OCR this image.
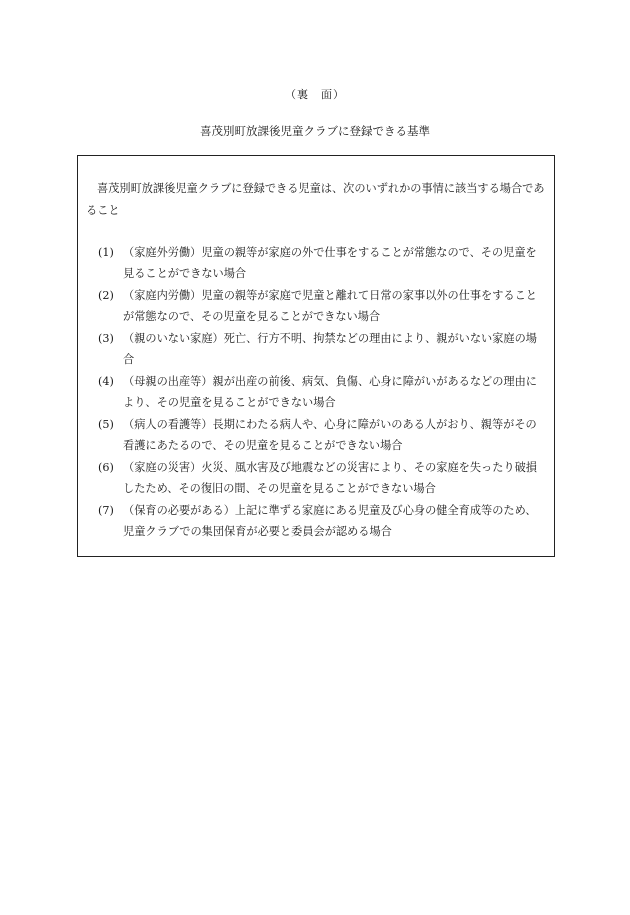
（裏　面）
喜茂別町放課後児童クラブに登録できる基準

喜茂別町放課後児童クラブに登録できる児童は、次のいずれかの事情に該当する場合であること

(1) （家庭外労働）児童の親等が家庭の外で仕事をすることが常態なので、その児童を
見ることができない場合
(2) （家庭内労働）児童の親等が家庭で児童と離れて日常の家事以外の仕事をすること
が常態なので、その児童を見ることができない場合
(3) （親のいない家庭）死亡、行方不明、拘禁などの理由により、親がいない家庭の場
合
(4) （母親の出産等）親が出産の前後、病気、負傷、心身に障がいがあるなどの理由に
より、その児童を見ることができない場合
(5) （病人の看護等）長期にわたる病人や、心身に障がいのある人がおり、親等がその
看護にあたるので、その児童を見ることができない場合
(6) （家庭の災害）火災、風水害及び地震などの災害により、その家庭を失ったり破損
したため、その復旧の間、その児童を見ることができない場合
(7) （保育の必要がある）上記に準ずる家庭にある児童及び心身の健全育成等のため、
児童クラブでの集団保育が必要と委員会が認める場合
